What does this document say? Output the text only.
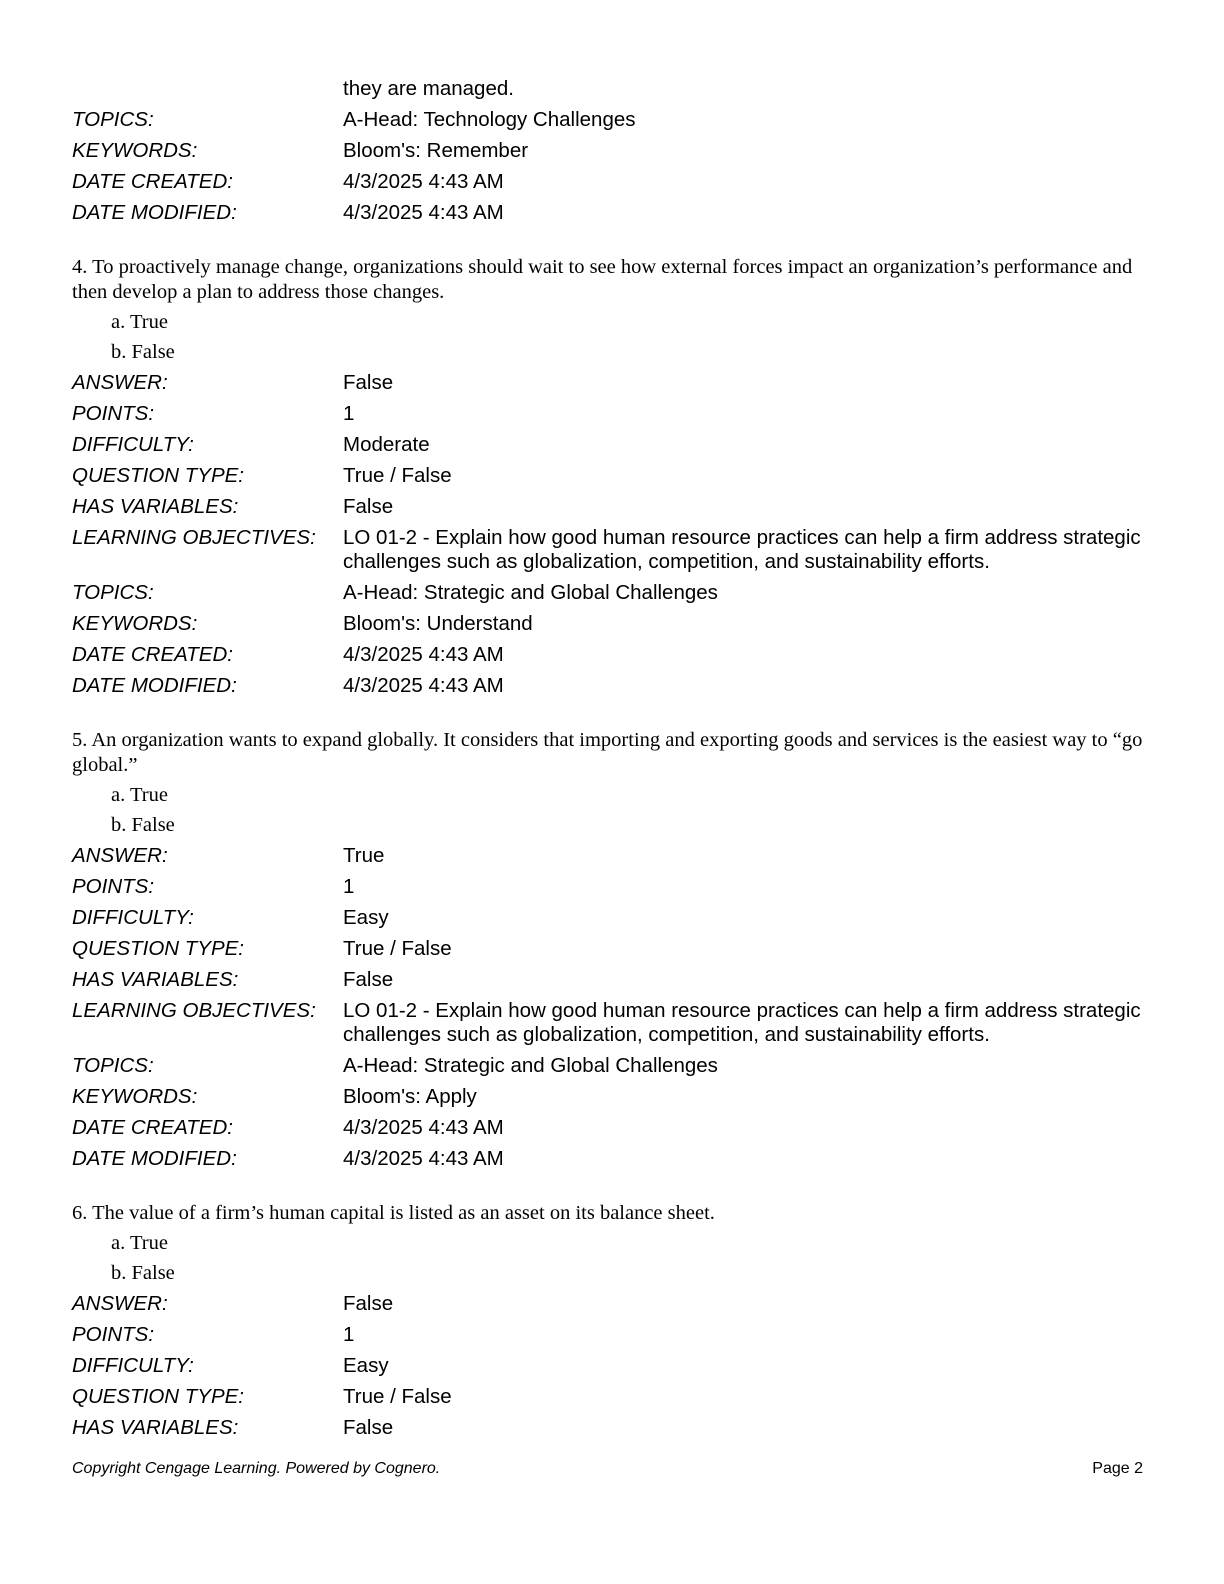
they are managed.
TOPICS:	A-Head: Technology Challenges
KEYWORDS:	Bloom's: Remember
DATE CREATED:	4/3/2025 4:43 AM
DATE MODIFIED:	4/3/2025 4:43 AM
4. To proactively manage change, organizations should wait to see how external forces impact an organization’s performance and then develop a plan to address those changes.
a. True
b. False
ANSWER:	False
POINTS:	1
DIFFICULTY:	Moderate
QUESTION TYPE:	True / False
HAS VARIABLES:	False
LEARNING OBJECTIVES:	LO 01-2 - Explain how good human resource practices can help a firm address strategic challenges such as globalization, competition, and sustainability efforts.
TOPICS:	A-Head: Strategic and Global Challenges
KEYWORDS:	Bloom's: Understand
DATE CREATED:	4/3/2025 4:43 AM
DATE MODIFIED:	4/3/2025 4:43 AM
5. An organization wants to expand globally. It considers that importing and exporting goods and services is the easiest way to “go global.”
a. True
b. False
ANSWER:	True
POINTS:	1
DIFFICULTY:	Easy
QUESTION TYPE:	True / False
HAS VARIABLES:	False
LEARNING OBJECTIVES:	LO 01-2 - Explain how good human resource practices can help a firm address strategic challenges such as globalization, competition, and sustainability efforts.
TOPICS:	A-Head: Strategic and Global Challenges
KEYWORDS:	Bloom's: Apply
DATE CREATED:	4/3/2025 4:43 AM
DATE MODIFIED:	4/3/2025 4:43 AM
6. The value of a firm’s human capital is listed as an asset on its balance sheet.
a. True
b. False
ANSWER:	False
POINTS:	1
DIFFICULTY:	Easy
QUESTION TYPE:	True / False
HAS VARIABLES:	False
Copyright Cengage Learning. Powered by Cognero.	Page 2
